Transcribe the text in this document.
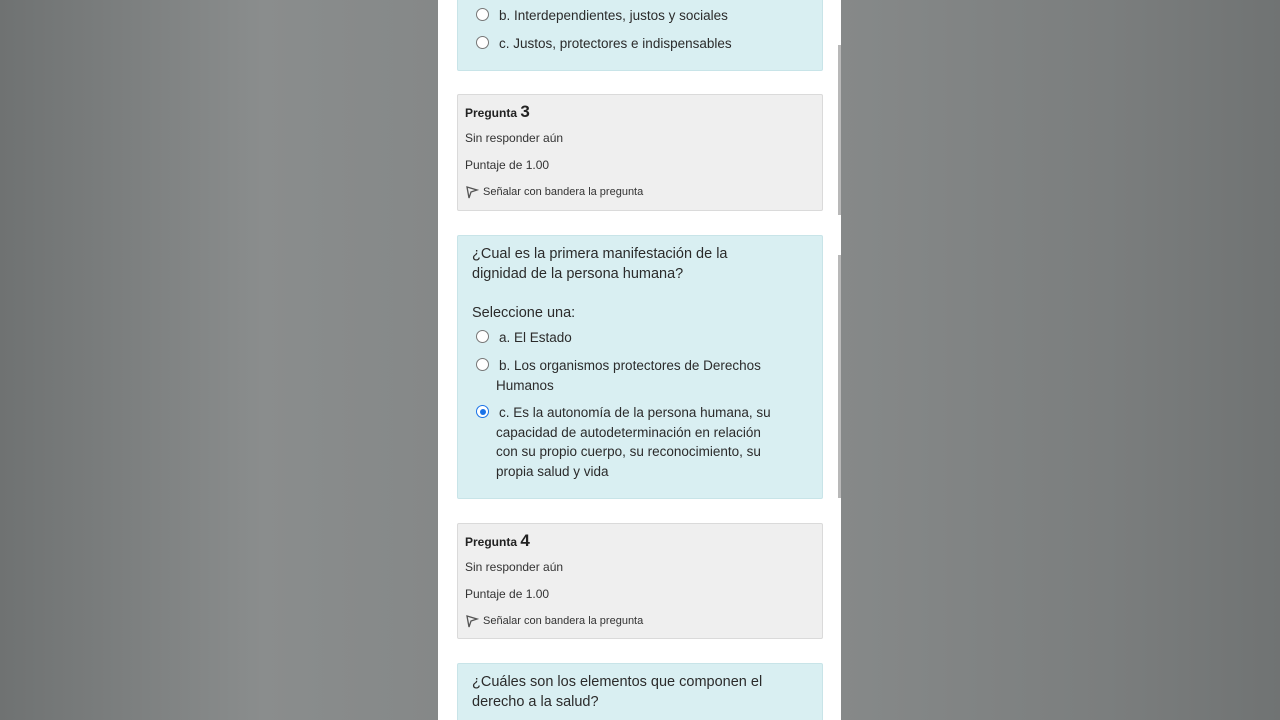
b. Interdependientes, justos y sociales
c. Justos, protectores e indispensables
Pregunta 3
Sin responder aún
Puntaje de 1.00
Señalar con bandera la pregunta
¿Cual es la primera manifestación de la dignidad de la persona humana?
Seleccione una:
a. El Estado
b. Los organismos protectores de Derechos Humanos
c. Es la autonomía de la persona humana, su capacidad de autodeterminación en relación con su propio cuerpo, su reconocimiento, su propia salud y vida
Pregunta 4
Sin responder aún
Puntaje de 1.00
Señalar con bandera la pregunta
¿Cuáles son los elementos que componen el derecho a la salud?
